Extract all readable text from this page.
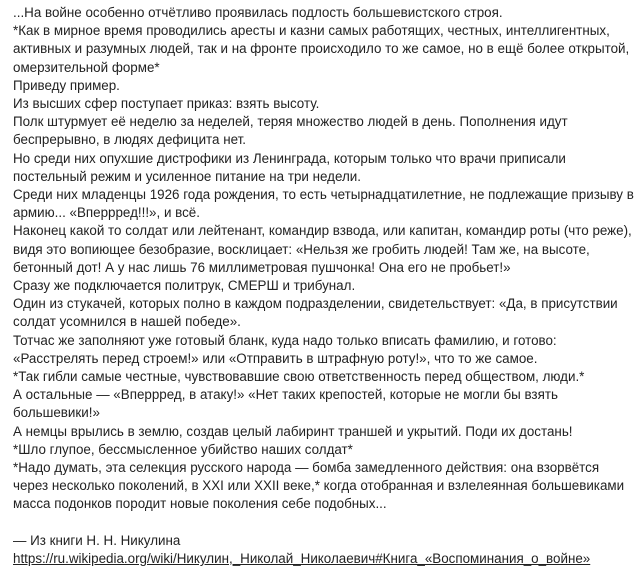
...На войне особенно отчётливо проявилась подлость большевистского строя.
*Как в мирное время проводились аресты и казни самых работящих, честных, интеллигентных, активных и разумных людей, так и на фронте происходило то же самое, но в ещё более открытой, омерзительной форме*
Приведу пример.
Из высших сфер поступает приказ: взять высоту.
Полк штурмует её неделю за неделей, теряя множество людей в день. Пополнения идут беспрерывно, в людях дефицита нет.
Но среди них опухшие дистрофики из Ленинграда, которым только что врачи приписали постельный режим и усиленное питание на три недели.
Среди них младенцы 1926 года рождения, то есть четырнадцатилетние, не подлежащие призыву в армию... «Вперрред!!!», и всё.
Наконец какой то солдат или лейтенант, командир взвода, или капитан, командир роты (что реже), видя это вопиющее безобразие, восклицает: «Нельзя же гробить людей! Там же, на высоте, бетонный дот! А у нас лишь 76 миллиметровая пушчонка! Она его не пробьет!»
Сразу же подключается политрук, СМЕРШ и трибунал.
Один из стукачей, которых полно в каждом подразделении, свидетельствует: «Да, в присутствии солдат усомнился в нашей победе».
Тотчас же заполняют уже готовый бланк, куда надо только вписать фамилию, и готово: «Расстрелять перед строем!» или «Отправить в штрафную роту!», что то же самое.
*Так гибли самые честные, чувствовавшие свою ответственность перед обществом, люди.*
А остальные — «Вперрред, в атаку!» «Нет таких крепостей, которые не могли бы взять большевики!»
А немцы врылись в землю, создав целый лабиринт траншей и укрытий. Поди их достань!
*Шло глупое, бессмысленное убийство наших солдат*
*Надо думать, эта селекция русского народа — бомба замедленного действия: она взорвётся через несколько поколений, в XXI или XXII веке,* когда отобранная и взлелеянная большевиками масса подонков породит новые поколения себе подобных...
— Из книги Н. Н. Никулина
https://ru.wikipedia.org/wiki/Никулин,_Николай_Николаевич#Книга_«Воспоминания_о_войне»
